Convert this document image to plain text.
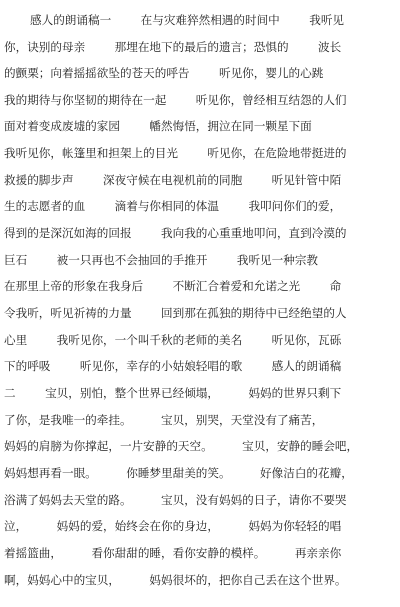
感人的朗诵稿一        在与灾难猝然相遇的时间中        我听见
你，诀别的母亲        那埋在地下的最后的遗言；恐惧的        波长
的颤栗；向着摇摇欲坠的苍天的呼告        听见你，婴儿的心跳
我的期待与你坚韧的期待在一起        听见你，曾经相互结怨的人们
面对着变成废墟的家园        幡然悔悟，拥泣在同一颗星下面
我听见你，帐篷里和担架上的目光        听见你，在危险地带挺进的
救援的脚步声        深夜守候在电视机前的同胞        听见针管中陌
生的志愿者的血        滴着与你相同的体温        我叩问你们的爱，
得到的是深沉如海的回报        我向我的心重重地叩问，直到冷漠的
巨石        被一只再也不会抽回的手推开        我听见一种宗教
在那里上帝的形象在我身后        不断汇合着爱和允诺之光        命
令我听，听见祈祷的力量        回到那在孤独的期待中已经绝望的人
心里        我听见你，一个叫千秋的老师的美名        听见你，瓦砾
下的呼吸        听见你，幸存的小姑娘轻唱的歌        感人的朗诵稿
二        宝贝，别怕，整个世界已经倾塌，        妈妈的世界只剩下
了你，是我唯一的牵挂。        宝贝，别哭，天堂没有了痛苦，
妈妈的肩膀为你撑起，一片安静的天空。        宝贝，安静的睡会吧，
妈妈想再看一眼。        你睡梦里甜美的笑。        好像洁白的花瓣，
浴满了妈妈去天堂的路。        宝贝，没有妈妈的日子，请你不要哭
泣，        妈妈的爱，始终会在你的身边，        妈妈为你轻轻的唱
着摇篮曲，        看你甜甜的睡，看你安静的模样。        再亲亲你
啊，妈妈心中的宝贝，        妈妈很坏的，把你自己丢在这个世界。
